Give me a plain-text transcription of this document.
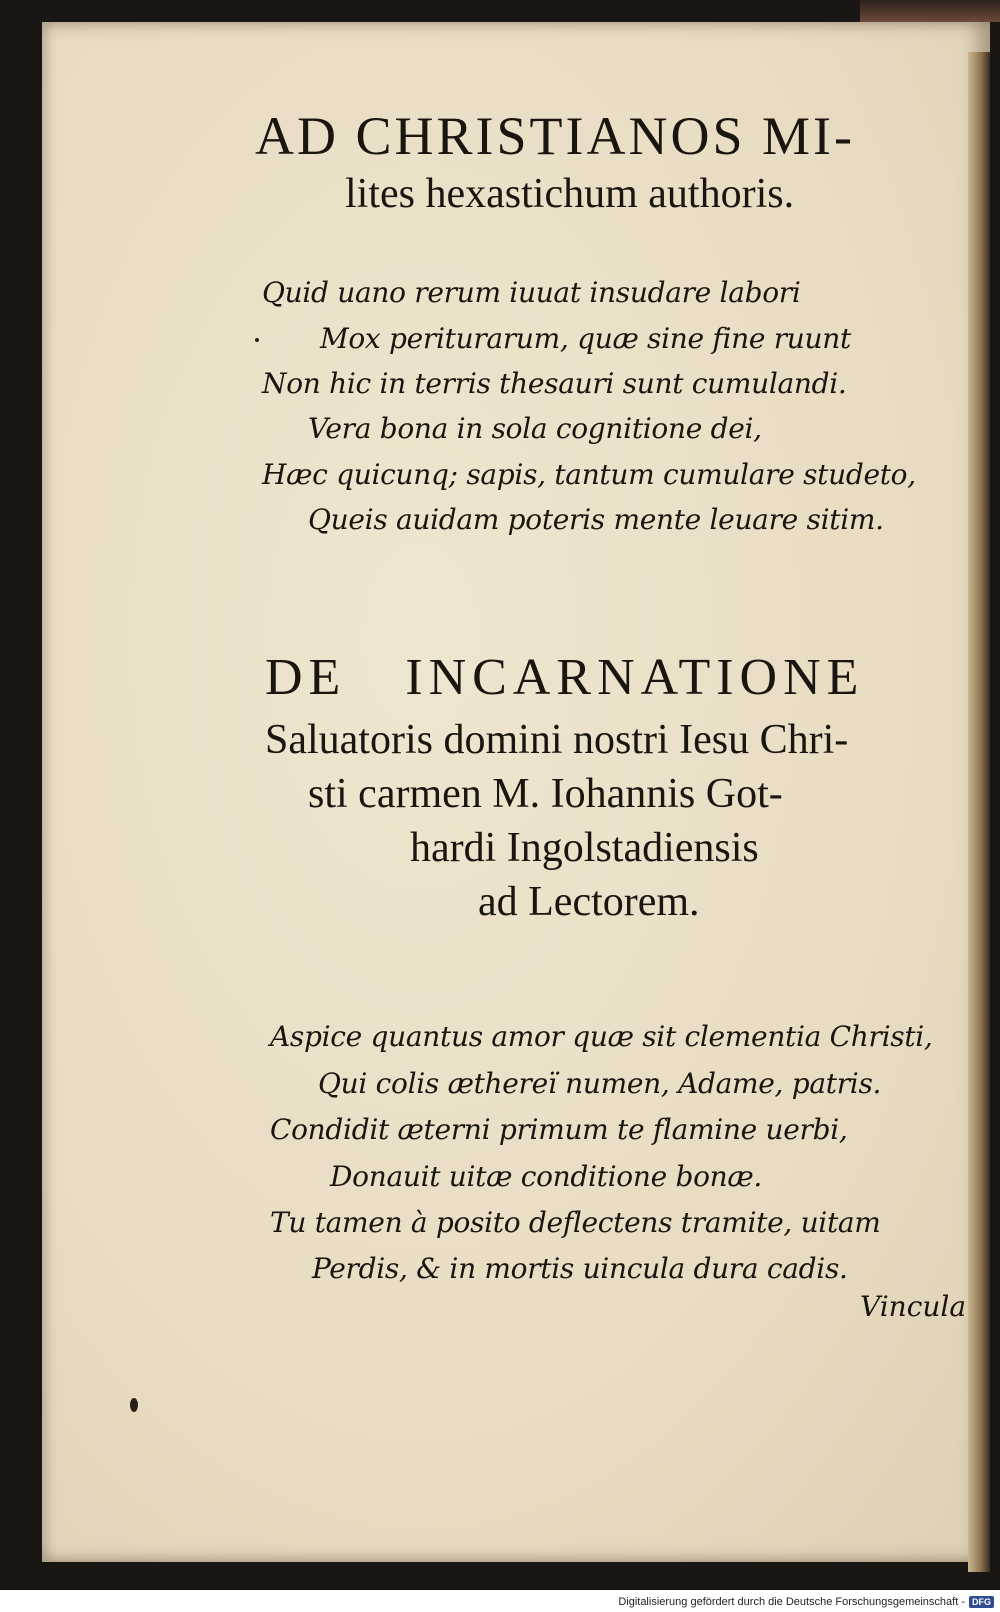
AD CHRISTIANOS MI-
lites hexastichum authoris.
Quid uano rerum iuuat insudare labori
Mox periturarum, quæ sine fine ruunt
Non hic in terris thesauri sunt cumulandi.
Vera bona in sola cognitione dei,
Hæc quicunq; sapis, tantum cumulare studeto,
Queis auidam poteris mente leuare sitim.
DE INCARNATIONE
Saluatoris domini nostri Iesu Chri-
sti carmen M. Iohannis Got-
hardi Ingolstadiensis
ad Lectorem.
Aspice quantus amor quæ sit clementia Christi,
Qui colis æthereï numen, Adame, patris.
Condidit æterni primum te flamine uerbi,
Donauit uitæ conditione bonæ.
Tu tamen à posito deflectens tramite, uitam
Perdis, & in mortis uincula dura cadis.
Vincula
Digitalisierung gefördert durch die Deutsche Forschungsgemeinschaft - DFG
